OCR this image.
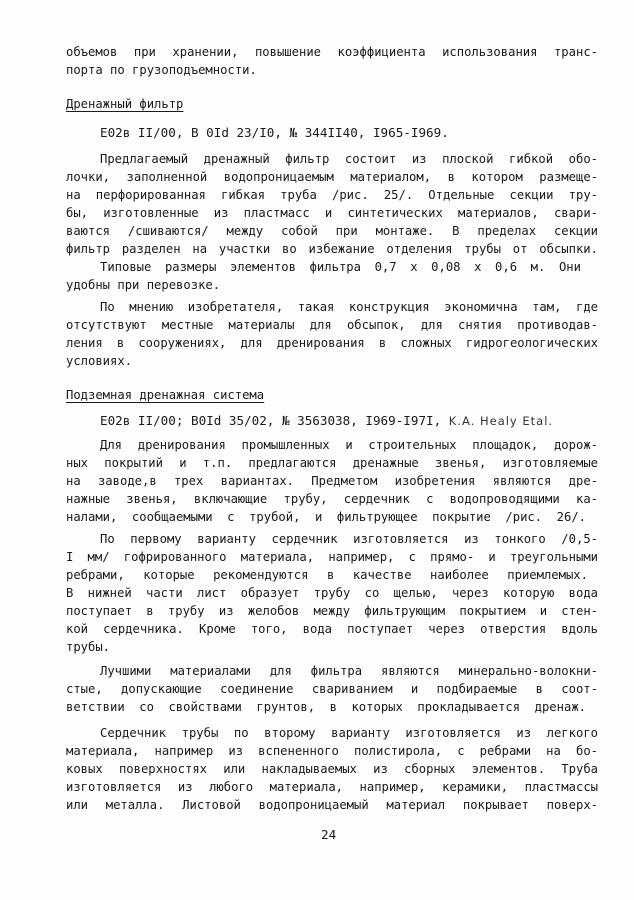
объемов при хранении, повышение коэффициента использования транс-

порта по грузоподъемности.

Дренажный фильтр

Е02в II/00, В 0Id 23/I0, № 344II40, I965-I969.

Предлагаемый дренажный фильтр состоит из плоской гибкой обо-

лочки, заполненной водопроницаемым материалом, в котором размеще-

на перфорированная гибкая труба /рис. 25/. Отдельные секции тру-

бы, изготовленные из пластмасс и синтетических материалов, свари-

ваются /сшиваются/ между собой при монтаже. В пределах секции

фильтр разделен на участки во избежание отделения трубы от обсыпки.

Типовые размеры элементов фильтра 0,7 х 0,08 х 0,6 м. Они

удобны при перевозке.

По мнению изобретателя, такая конструкция экономична там, где

отсутствуют местные материалы для обсыпок, для снятия противодав-

ления в сооружениях, для дренирования в сложных гидрогеологических

условиях.

Подземная дренажная система

Е02в II/00; В0Id 35/02, № 3563038, I969-I97I, K.A. Healy Etal.

Для дренирования промышленных и строительных площадок, дорож-

ных покрытий и т.п. предлагаются дренажные звенья, изготовляемые

на заводе,в трех вариантах. Предметом изобретения являются дре-

нажные звенья, включающие трубу, сердечник с водопроводящими ка-

налами, сообщаемыми с трубой, и фильтрующее покрытие /рис. 26/.

По первому варианту сердечник изготовляется из тонкого /0,5-

I мм/ гофрированного материала, например, с прямо- и треугольными

ребрами, которые рекомендуются в качестве наиболее приемлемых.

В нижней части лист образует трубу со щелью, через которую вода

поступает в трубу из желобов между фильтрующим покрытием и стен-

кой сердечника. Кроме того, вода поступает через отверстия вдоль

трубы.

Лучшими материалами для фильтра являются минерально-волокни-

стые, допускающие соединение свариванием и подбираемые в соот-

ветствии со свойствами грунтов, в которых прокладывается дренаж.

Сердечник трубы по второму варианту изготовляется из легкого

материала, например из вспененного полистирола, с ребрами на бо-

ковых поверхностях или накладываемых из сборных элементов. Труба

изготовляется из любого материала, например, керамики, пластмассы

или металла. Листовой водопроницаемый материал покрывает поверх-

24
